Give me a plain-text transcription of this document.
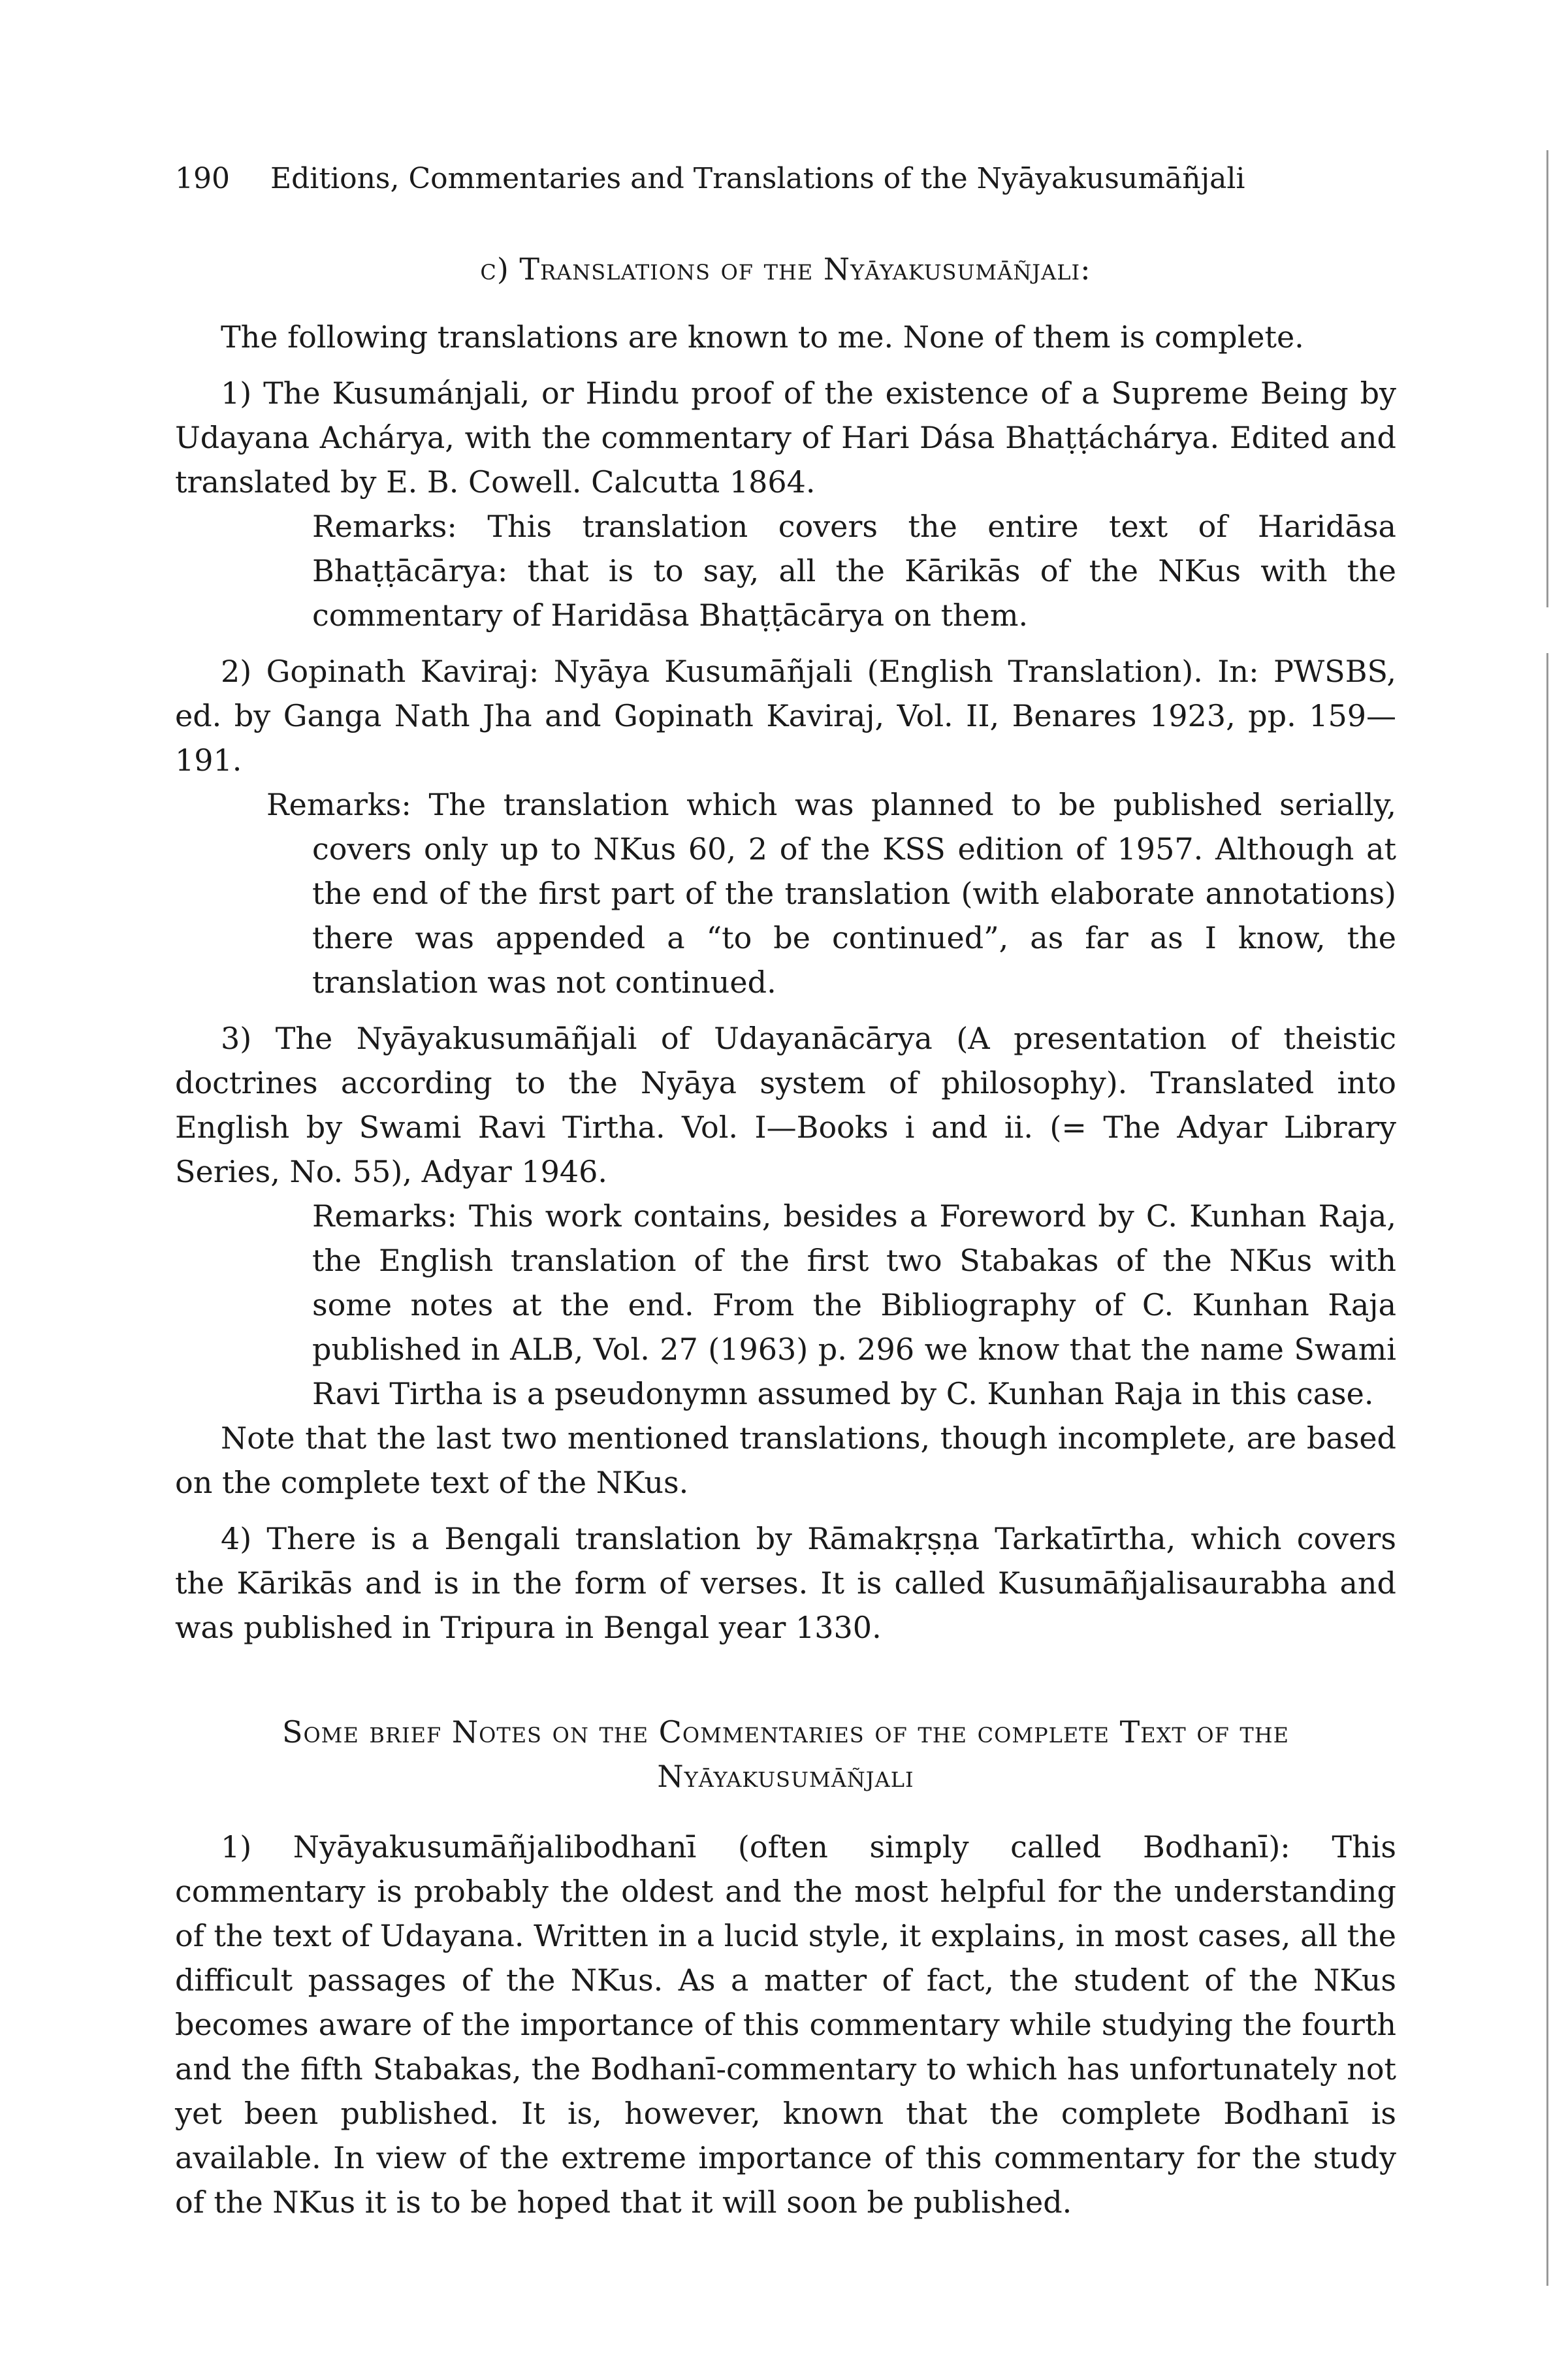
190 Editions, Commentaries and Translations of the Nyāyakusumāñjali
c) Translations of the Nyāyakusumāñjali:

The following translations are known to me. None of them is complete.

1) The Kusumánjali, or Hindu proof of the existence of a Supreme Being by Udayana Achárya, with the commentary of Hari Dása Bhaṭṭáchárya. Edited and translated by E. B. Cowell. Calcutta 1864.

Remarks: This translation covers the entire text of Haridāsa Bhaṭṭācārya: that is to say, all the Kārikās of the NKus with the commentary of Haridāsa Bhaṭṭācārya on them.

2) Gopinath Kaviraj: Nyāya Kusumāñjali (English Translation). In: PWSBS, ed. by Ganga Nath Jha and Gopinath Kaviraj, Vol. II, Benares 1923, pp. 159—191.

Remarks: The translation which was planned to be published serially, covers only up to NKus 60, 2 of the KSS edition of 1957. Although at the end of the first part of the translation (with elaborate annotations) there was appended a “to be continued”, as far as I know, the translation was not continued.

3) The Nyāyakusumāñjali of Udayanācārya (A presentation of theistic doctrines according to the Nyāya system of philosophy). Translated into English by Swami Ravi Tirtha. Vol. I—Books i and ii. (= The Adyar Library Series, No. 55), Adyar 1946.

Remarks: This work contains, besides a Foreword by C. Kunhan Raja, the English translation of the first two Stabakas of the NKus with some notes at the end. From the Bibliography of C. Kunhan Raja published in ALB, Vol. 27 (1963) p. 296 we know that the name Swami Ravi Tirtha is a pseudonymn assumed by C. Kunhan Raja in this case.

Note that the last two mentioned translations, though incomplete, are based on the complete text of the NKus.

4) There is a Bengali translation by Rāmakṛṣṇa Tarkatīrtha, which covers the Kārikās and is in the form of verses. It is called Kusumāñjalisaurabha and was published in Tripura in Bengal year 1330.

Some brief Notes on the Commentaries of the complete Text of the
Nyāyakusumāñjali

1) Nyāyakusumāñjalibodhanī (often simply called Bodhanī): This commentary is probably the oldest and the most helpful for the understanding of the text of Udayana. Written in a lucid style, it explains, in most cases, all the difficult passages of the NKus. As a matter of fact, the student of the NKus becomes aware of the importance of this commentary while studying the fourth and the fifth Stabakas, the Bodhanī-commentary to which has unfortunately not yet been published. It is, however, known that the complete Bodhanī is available. In view of the extreme importance of this commentary for the study of the NKus it is to be hoped that it will soon be published.
